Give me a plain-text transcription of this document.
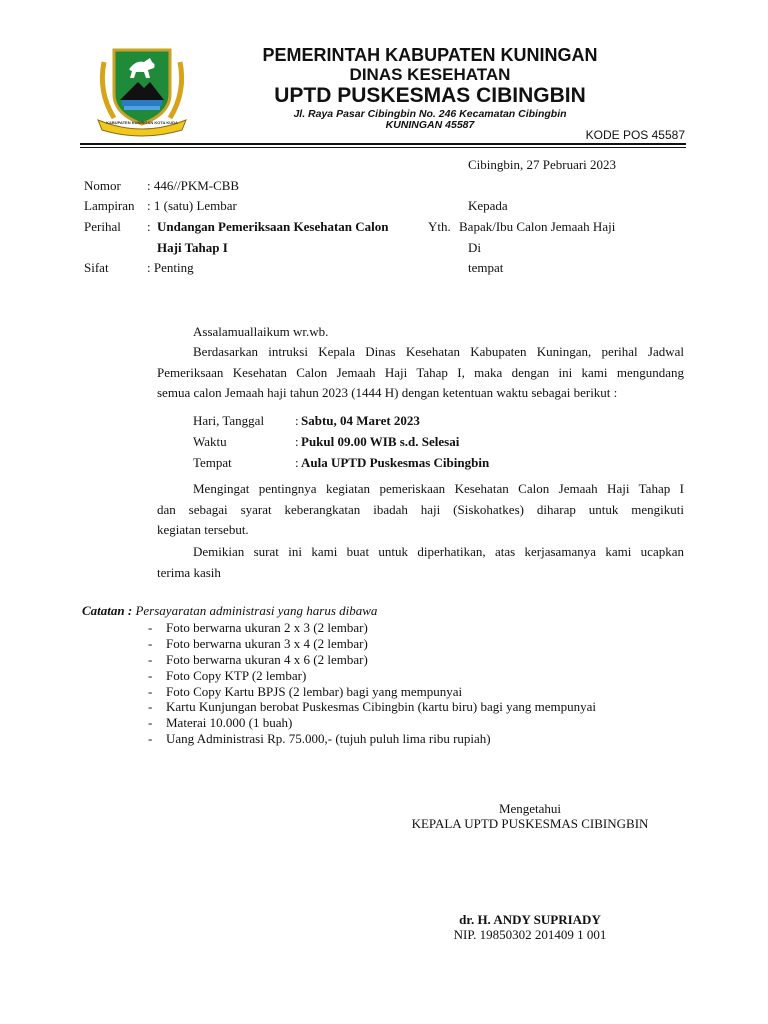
KABUPATEN KUNINGAN KOTA KUDA
PEMERINTAH KABUPATEN KUNINGAN
DINAS KESEHATAN
UPTD PUSKESMAS CIBINGBIN
Jl. Raya Pasar Cibingbin No. 246 Kecamatan Cibingbin
KUNINGAN 45587
KODE POS 45587
Cibingbin, 27 Pebruari 2023
Nomor : 446//PKM-CBB
Lampiran : 1 (satu) Lembar
Perihal : Undangan Pemeriksaan Kesehatan Calon
Haji Tahap I
Sifat	: Penting
Kepada
Yth. Bapak/Ibu Calon Jemaah Haji
Di
tempat
Assalamuallaikum wr.wb.
Berdasarkan intruksi Kepala Dinas Kesehatan Kabupaten Kuningan, perihal Jadwal
Pemeriksaan Kesehatan Calon Jemaah Haji Tahap I, maka dengan ini kami mengundang
semua calon Jemaah haji tahun 2023 (1444 H) dengan ketentuan waktu sebagai berikut :
Hari, Tanggal : Sabtu, 04 Maret 2023
Waktu	: Pukul 09.00 WIB s.d. Selesai
Tempat	: Aula UPTD Puskesmas Cibingbin
Mengingat pentingnya kegiatan pemeriskaan Kesehatan Calon Jemaah Haji Tahap I
dan sebagai syarat keberangkatan ibadah haji (Siskohatkes) diharap untuk mengikuti
kegiatan tersebut.
Demikian surat ini kami buat untuk diperhatikan, atas kerjasamanya kami ucapkan
terima kasih
Catatan : Persayaratan administrasi yang harus dibawa
- Foto berwarna ukuran 2 x 3 (2 lembar)
- Foto berwarna ukuran 3 x 4 (2 lembar)
- Foto berwarna ukuran 4 x 6 (2 lembar)
- Foto Copy KTP (2 lembar)
- Foto Copy Kartu BPJS (2 lembar) bagi yang mempunyai
- Kartu Kunjungan berobat Puskesmas Cibingbin (kartu biru) bagi yang mempunyai
- Materai 10.000 (1 buah)
- Uang Administrasi Rp. 75.000,- (tujuh puluh lima ribu rupiah)
Mengetahui
KEPALA UPTD PUSKESMAS CIBINGBIN
dr. H. ANDY SUPRIADY
NIP. 19850302 201409 1 001
